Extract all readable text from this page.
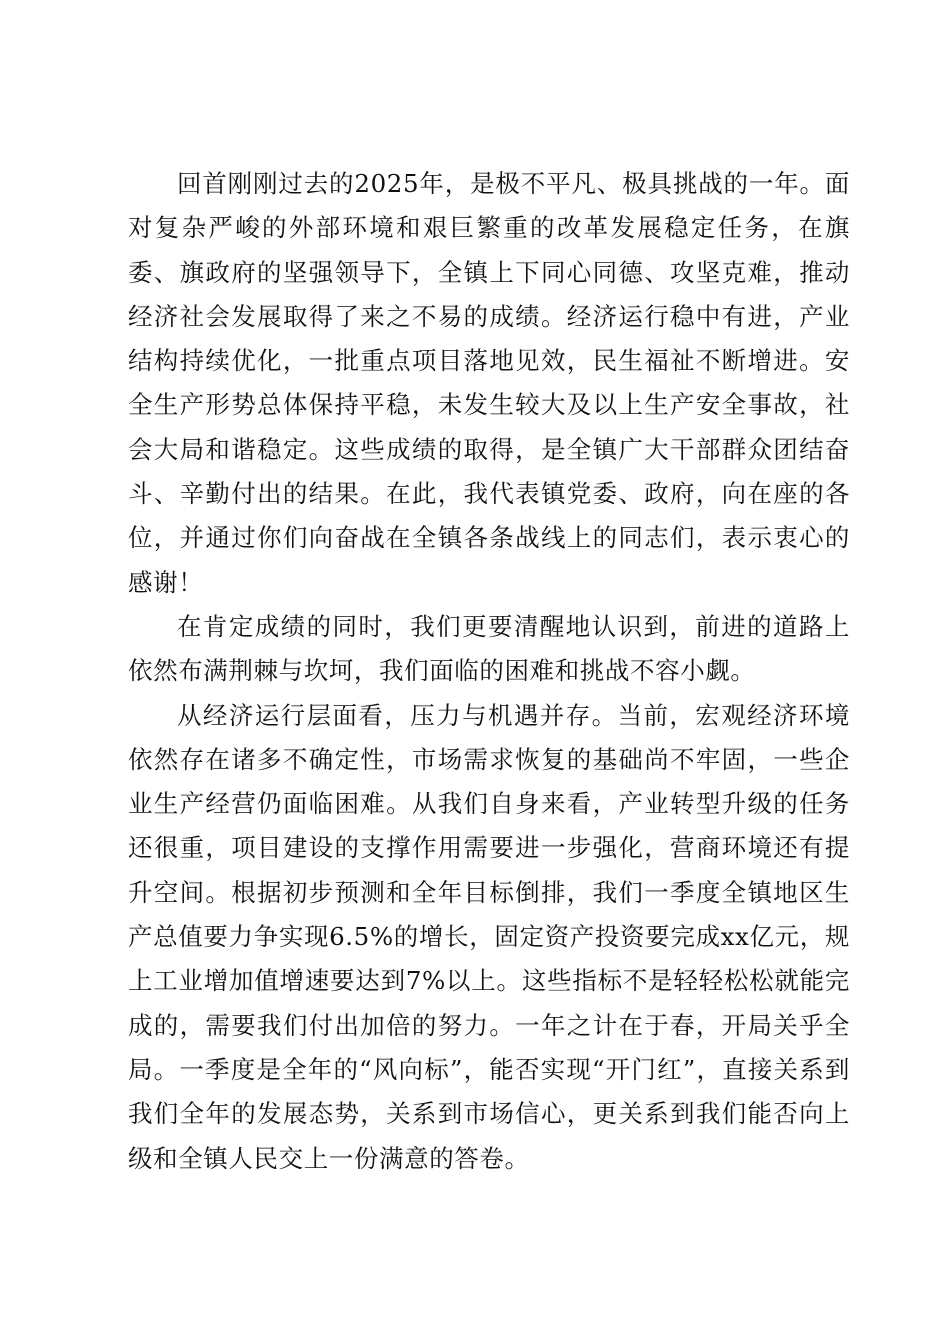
回首刚刚过去的2025年，是极不平凡、极具挑战的一年。面对复杂严峻的外部环境和艰巨繁重的改革发展稳定任务，在旗委、旗政府的坚强领导下，全镇上下同心同德、攻坚克难，推动经济社会发展取得了来之不易的成绩。经济运行稳中有进，产业结构持续优化，一批重点项目落地见效，民生福祉不断增进。安全生产形势总体保持平稳，未发生较大及以上生产安全事故，社会大局和谐稳定。这些成绩的取得，是全镇广大干部群众团结奋斗、辛勤付出的结果。在此，我代表镇党委、政府，向在座的各位，并通过你们向奋战在全镇各条战线上的同志们，表示衷心的感谢！

在肯定成绩的同时，我们更要清醒地认识到，前进的道路上依然布满荆棘与坎坷，我们面临的困难和挑战不容小觑。

从经济运行层面看，压力与机遇并存。当前，宏观经济环境依然存在诸多不确定性，市场需求恢复的基础尚不牢固，一些企业生产经营仍面临困难。从我们自身来看，产业转型升级的任务还很重，项目建设的支撑作用需要进一步强化，营商环境还有提升空间。根据初步预测和全年目标倒排，我们一季度全镇地区生产总值要力争实现6.5%的增长，固定资产投资要完成xx亿元，规上工业增加值增速要达到7%以上。这些指标不是轻轻松松就能完成的，需要我们付出加倍的努力。一年之计在于春，开局关乎全局。一季度是全年的“风向标”，能否实现“开门红”，直接关系到我们全年的发展态势，关系到市场信心，更关系到我们能否向上级和全镇人民交上一份满意的答卷。
